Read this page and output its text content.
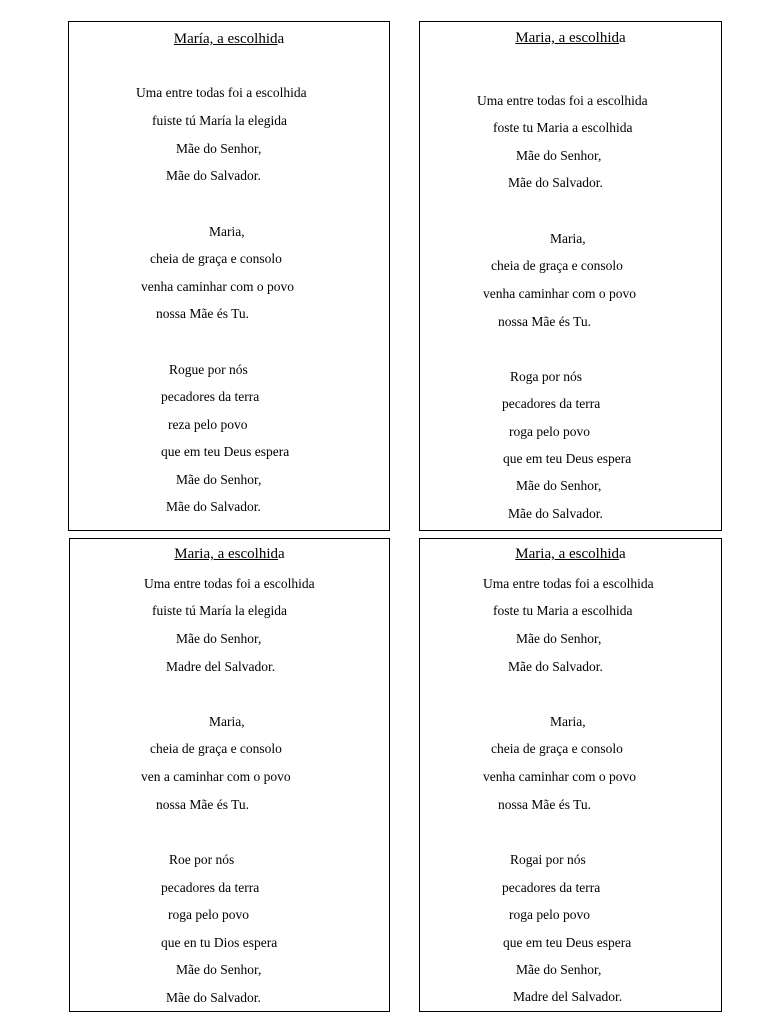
María, a escolhida
Uma entre todas foi a escolhida
fuiste tú María la elegida
Mãe do Senhor,
Mãe do Salvador.
Maria,
cheia de graça e consolo
venha caminhar com o povo
nossa Mãe és Tu.
Rogue por nós
pecadores da terra
reza pelo povo
que em teu Deus espera
Mãe do Senhor,
Mãe do Salvador.
Maria, a escolhida
Uma entre todas foi a escolhida
foste tu Maria a escolhida
Mãe do Senhor,
Mãe do Salvador.
Maria,
cheia de graça e consolo
venha caminhar com o povo
nossa Mãe és Tu.
Roga por nós
pecadores da terra
roga pelo povo
que em teu Deus espera
Mãe do Senhor,
Mãe do Salvador.
Maria, a escolhida
Uma entre todas foi a escolhida
fuiste tú María la elegida
Mãe do Senhor,
Madre del Salvador.
Maria,
cheia de graça e consolo
ven a caminhar com o povo
nossa Mãe és Tu.
Roe por nós
pecadores da terra
roga pelo povo
que en tu Dios espera
Mãe do Senhor,
Mãe do Salvador.
Maria, a escolhida
Uma entre todas foi a escolhida
foste tu Maria a escolhida
Mãe do Senhor,
Mãe do Salvador.
Maria,
cheia de graça e consolo
venha caminhar com o povo
nossa Mãe és Tu.
Rogai por nós
pecadores da terra
roga pelo povo
que em teu Deus espera
Mãe do Senhor,
Madre del Salvador.
